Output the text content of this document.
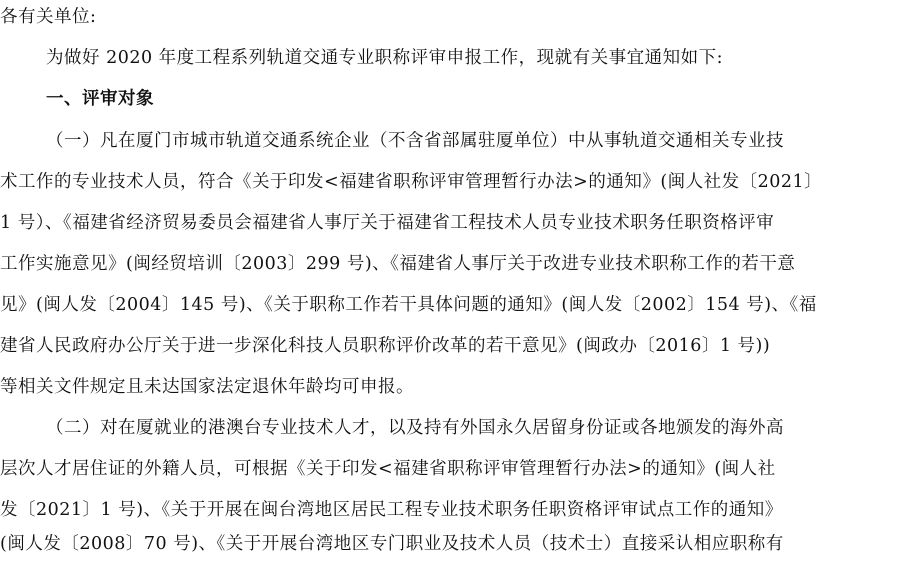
各有关单位:
为做好 2020 年度工程系列轨道交通专业职称评审申报工作，现就有关事宜通知如下:
一、评审对象
（一）凡在厦门市城市轨道交通系统企业（不含省部属驻厦单位）中从事轨道交通相关专业技
术工作的专业技术人员，符合《关于印发<福建省职称评审管理暂行办法>的通知》(闽人社发〔2021〕
1 号）、《福建省经济贸易委员会福建省人事厅关于福建省工程技术人员专业技术职务任职资格评审
工作实施意见》(闽经贸培训〔2003〕299 号)、《福建省人事厅关于改进专业技术职称工作的若干意
见》(闽人发〔2004〕145 号)、《关于职称工作若干具体问题的通知》(闽人发〔2002〕154 号)、《福
建省人民政府办公厅关于进一步深化科技人员职称评价改革的若干意见》(闽政办〔2016〕1 号))
等相关文件规定且未达国家法定退休年龄均可申报。
（二）对在厦就业的港澳台专业技术人才，以及持有外国永久居留身份证或各地颁发的海外高
层次人才居住证的外籍人员，可根据《关于印发<福建省职称评审管理暂行办法>的通知》(闽人社
发〔2021〕1 号)、《关于开展在闽台湾地区居民工程专业技术职务任职资格评审试点工作的通知》
(闽人发〔2008〕70 号)、《关于开展台湾地区专门职业及技术人员（技术士）直接采认相应职称有
